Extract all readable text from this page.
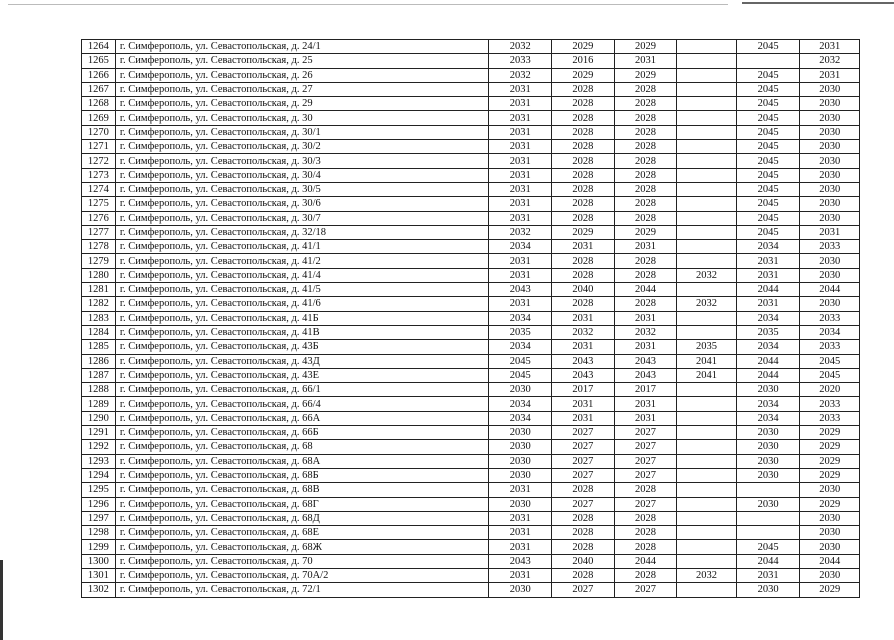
1264	г. Симферополь, ул. Севастопольская, д. 24/1	2032	2029	2029		2045	2031
1265	г. Симферополь, ул. Севастопольская, д. 25	2033	2016	2031			2032
1266	г. Симферополь, ул. Севастопольская, д. 26	2032	2029	2029		2045	2031
1267	г. Симферополь, ул. Севастопольская, д. 27	2031	2028	2028		2045	2030
1268	г. Симферополь, ул. Севастопольская, д. 29	2031	2028	2028		2045	2030
1269	г. Симферополь, ул. Севастопольская, д. 30	2031	2028	2028		2045	2030
1270	г. Симферополь, ул. Севастопольская, д. 30/1	2031	2028	2028		2045	2030
1271	г. Симферополь, ул. Севастопольская, д. 30/2	2031	2028	2028		2045	2030
1272	г. Симферополь, ул. Севастопольская, д. 30/3	2031	2028	2028		2045	2030
1273	г. Симферополь, ул. Севастопольская, д. 30/4	2031	2028	2028		2045	2030
1274	г. Симферополь, ул. Севастопольская, д. 30/5	2031	2028	2028		2045	2030
1275	г. Симферополь, ул. Севастопольская, д. 30/6	2031	2028	2028		2045	2030
1276	г. Симферополь, ул. Севастопольская, д. 30/7	2031	2028	2028		2045	2030
1277	г. Симферополь, ул. Севастопольская, д. 32/18	2032	2029	2029		2045	2031
1278	г. Симферополь, ул. Севастопольская, д. 41/1	2034	2031	2031		2034	2033
1279	г. Симферополь, ул. Севастопольская, д. 41/2	2031	2028	2028		2031	2030
1280	г. Симферополь, ул. Севастопольская, д. 41/4	2031	2028	2028	2032	2031	2030
1281	г. Симферополь, ул. Севастопольская, д. 41/5	2043	2040	2044		2044	2044
1282	г. Симферополь, ул. Севастопольская, д. 41/6	2031	2028	2028	2032	2031	2030
1283	г. Симферополь, ул. Севастопольская, д. 41Б	2034	2031	2031		2034	2033
1284	г. Симферополь, ул. Севастопольская, д. 41В	2035	2032	2032		2035	2034
1285	г. Симферополь, ул. Севастопольская, д. 43Б	2034	2031	2031	2035	2034	2033
1286	г. Симферополь, ул. Севастопольская, д. 43Д	2045	2043	2043	2041	2044	2045
1287	г. Симферополь, ул. Севастопольская, д. 43Е	2045	2043	2043	2041	2044	2045
1288	г. Симферополь, ул. Севастопольская, д. 66/1	2030	2017	2017		2030	2020
1289	г. Симферополь, ул. Севастопольская, д. 66/4	2034	2031	2031		2034	2033
1290	г. Симферополь, ул. Севастопольская, д. 66А	2034	2031	2031		2034	2033
1291	г. Симферополь, ул. Севастопольская, д. 66Б	2030	2027	2027		2030	2029
1292	г. Симферополь, ул. Севастопольская, д. 68	2030	2027	2027		2030	2029
1293	г. Симферополь, ул. Севастопольская, д. 68А	2030	2027	2027		2030	2029
1294	г. Симферополь, ул. Севастопольская, д. 68Б	2030	2027	2027		2030	2029
1295	г. Симферополь, ул. Севастопольская, д. 68В	2031	2028	2028			2030
1296	г. Симферополь, ул. Севастопольская, д. 68Г	2030	2027	2027		2030	2029
1297	г. Симферополь, ул. Севастопольская, д. 68Д	2031	2028	2028			2030
1298	г. Симферополь, ул. Севастопольская, д. 68Е	2031	2028	2028			2030
1299	г. Симферополь, ул. Севастопольская, д. 68Ж	2031	2028	2028		2045	2030
1300	г. Симферополь, ул. Севастопольская, д. 70	2043	2040	2044		2044	2044
1301	г. Симферополь, ул. Севастопольская, д. 70А/2	2031	2028	2028	2032	2031	2030
1302	г. Симферополь, ул. Севастопольская, д. 72/1	2030	2027	2027		2030	2029
